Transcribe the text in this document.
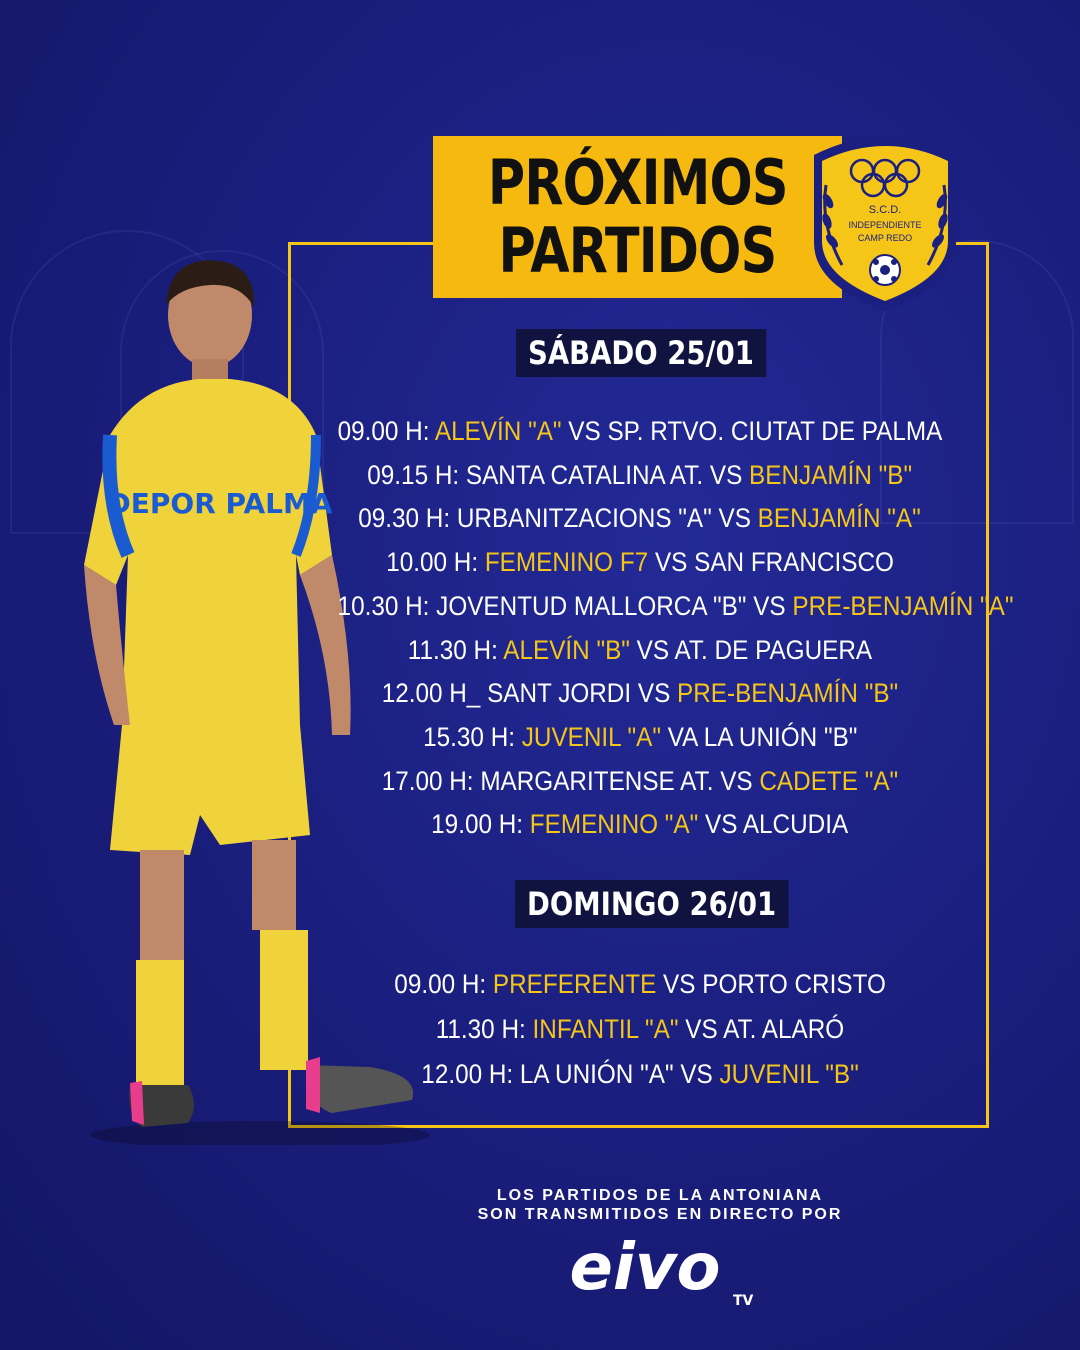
PRÓXIMOS
PARTIDOS
S.C.D.
INDEPENDIENTE
CAMP REDO
DEPOR PALMA
SÁBADO 25/01
09.00 H: ALEVÍN "A" VS SP. RTVO. CIUTAT DE PALMA
09.15 H: SANTA CATALINA AT. VS BENJAMÍN "B"
09.30 H: URBANITZACIONS "A" VS BENJAMÍN "A"
10.00 H: FEMENINO F7 VS SAN FRANCISCO
10.30 H: JOVENTUD MALLORCA "B" VS PRE-BENJAMÍN "A"
11.30 H: ALEVÍN "B" VS AT. DE PAGUERA
12.00 H_ SANT JORDI VS PRE-BENJAMÍN "B"
15.30 H: JUVENIL "A" VA LA UNIÓN "B"
17.00 H: MARGARITENSE AT. VS CADETE "A"
19.00 H: FEMENINO "A" VS ALCUDIA
DOMINGO 26/01
09.00 H: PREFERENTE VS PORTO CRISTO
11.30 H: INFANTIL "A" VS AT. ALARÓ
12.00 H: LA UNIÓN "A" VS JUVENIL "B"
LOS PARTIDOS DE LA ANTONIANA
SON TRANSMITIDOS EN DIRECTO POR
eivo TV
